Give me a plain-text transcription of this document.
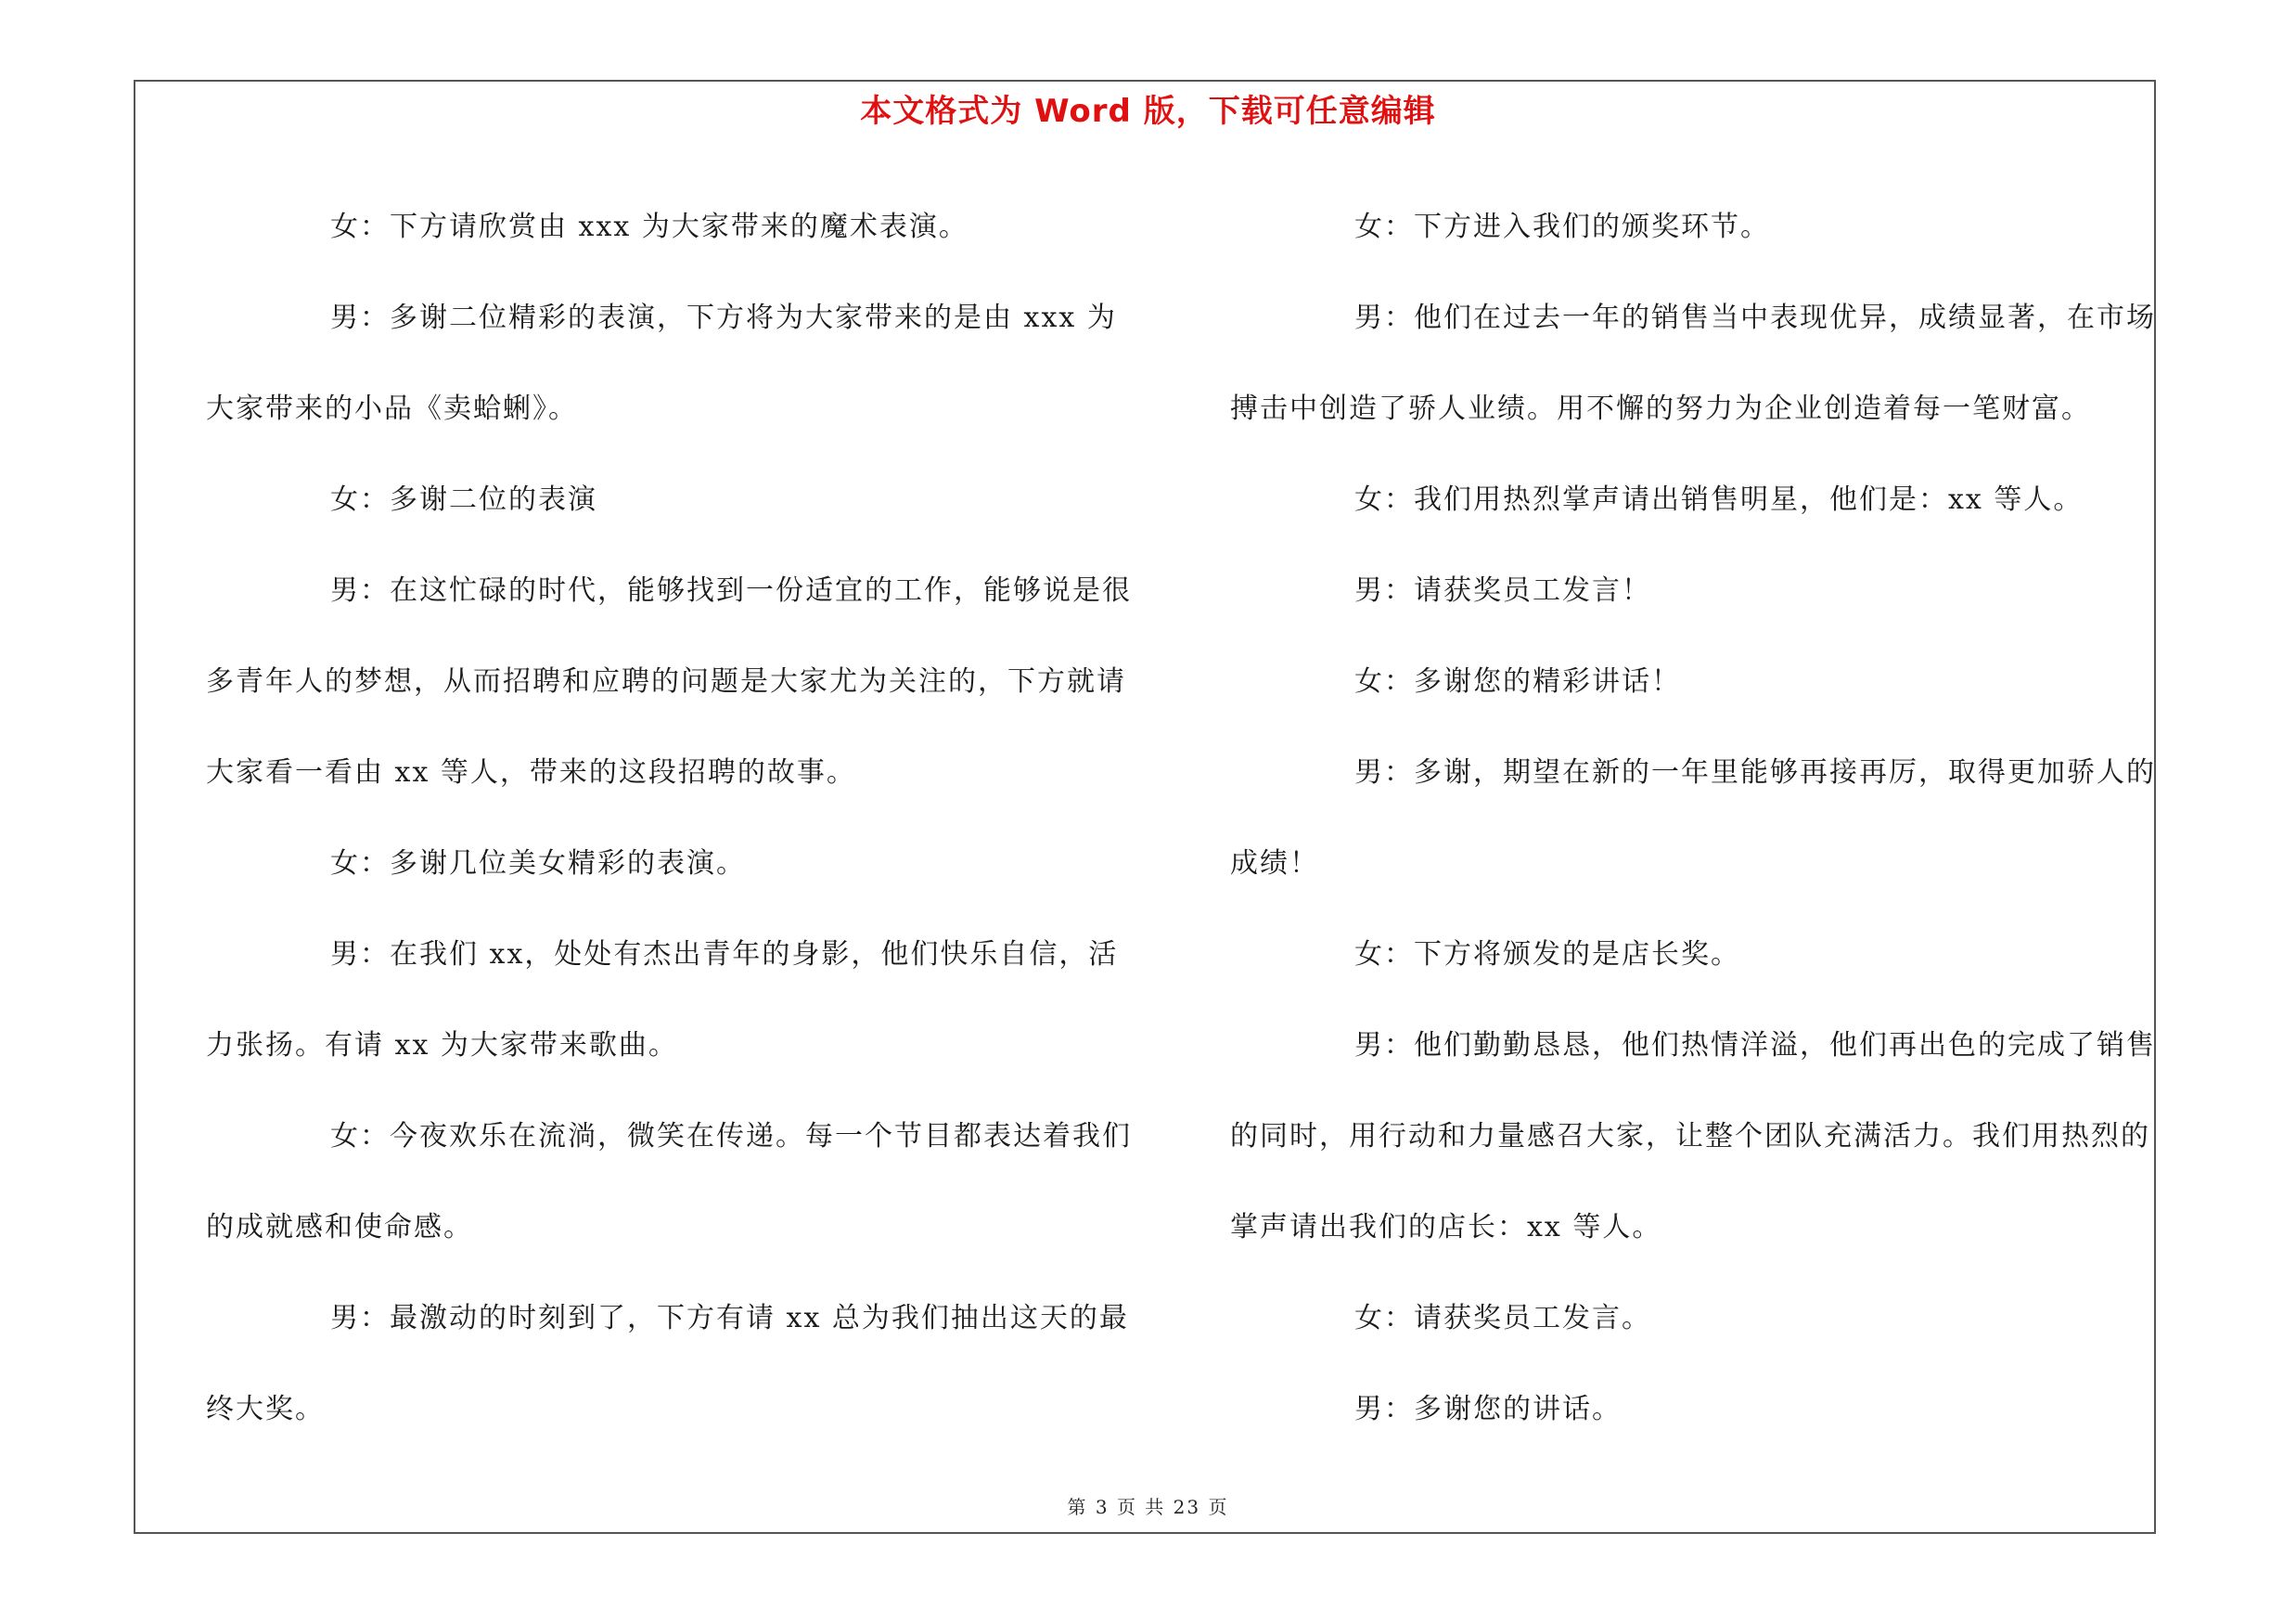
本文格式为 Word 版，下载可任意编辑

女：下方请欣赏由 xxx 为大家带来的魔术表演。

男：多谢二位精彩的表演，下方将为大家带来的是由 xxx 为大家带来的小品《卖蛤蜊》。

女：多谢二位的表演

男：在这忙碌的时代，能够找到一份适宜的工作，能够说是很多青年人的梦想，从而招聘和应聘的问题是大家尤为关注的，下方就请大家看一看由 xx 等人，带来的这段招聘的故事。

女：多谢几位美女精彩的表演。

男：在我们 xx，处处有杰出青年的身影，他们快乐自信，活力张扬。有请 xx 为大家带来歌曲。

女：今夜欢乐在流淌，微笑在传递。每一个节目都表达着我们的成就感和使命感。

男：最激动的时刻到了，下方有请 xx 总为我们抽出这天的最终大奖。

女：下方进入我们的颁奖环节。

男：他们在过去一年的销售当中表现优异，成绩显著，在市场搏击中创造了骄人业绩。用不懈的努力为企业创造着每一笔财富。

女：我们用热烈掌声请出销售明星，他们是：xx 等人。

男：请获奖员工发言！

女：多谢您的精彩讲话！

男：多谢，期望在新的一年里能够再接再厉，取得更加骄人的成绩！

女：下方将颁发的是店长奖。

男：他们勤勤恳恳，他们热情洋溢，他们再出色的完成了销售的同时，用行动和力量感召大家，让整个团队充满活力。我们用热烈的掌声请出我们的店长：xx 等人。

女：请获奖员工发言。

男：多谢您的讲话。

第 3 页 共 23 页
